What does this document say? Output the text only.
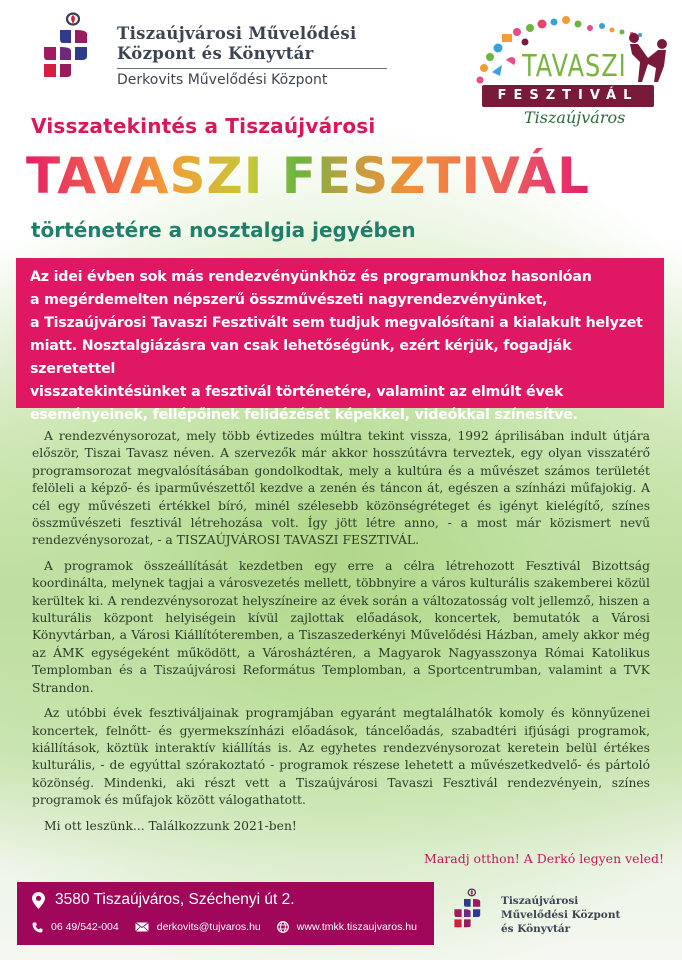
Tiszaújvárosi Művelődési
Központ és Könyvtár
Derkovits Művelődési Központ	TAVASZI
FESZTIVÁL
Tiszaújváros
Visszatekintés a Tiszaújvárosi
TAVASZI FESZTIVÁL
történetére a nosztalgia jegyében

Az idei évben sok más rendezvényünkhöz és programunkhoz hasonlóan

a megérdemelten népszerű összművészeti nagyrendezvényünket,

a Tiszaújvárosi Tavaszi Fesztivált sem tudjuk megvalósítani a kialakult helyzet

miatt. Nosztalgiázásra van csak lehetőségünk, ezért kérjük, fogadják szeretettel

visszatekintésünket a fesztivál történetére, valamint az elmúlt évek

eseményeinek, fellépőinek felidézését képekkel, videókkal színesítve.

A rendezvénysorozat, mely több évtizedes múltra tekint vissza, 1992 áprilisában indult útjára először, Tiszai Tavasz néven. A szervezők már akkor hosszútávra terveztek, egy olyan visszatérő programsorozat megvalósításában gondolkodtak, mely a kultúra és a művészet számos területét felöleli a képző- és iparművészettől kezdve a zenén és táncon át, egészen a színházi műfajokig. A cél egy művészeti értékkel bíró, minél szélesebb közönségréteget és igényt kielégítő, színes összművészeti fesztivál létrehozása volt. Így jött létre anno, - a most már közismert nevű rendezvénysorozat, - a TISZAÚJVÁROSI TAVASZI FESZTIVÁL.

A programok összeállítását kezdetben egy erre a célra létrehozott Fesztivál Bizottság koordinálta, melynek tagjai a városvezetés mellett, többnyire a város kulturális szakemberei közül kerültek ki. A rendezvénysorozat helyszíneire az évek során a változatosság volt jellemző, hiszen a kulturális központ helyiségein kívül zajlottak előadások, koncertek, bemutatók a Városi Könyvtárban, a Városi Kiállítóteremben, a Tiszaszederkényi Művelődési Házban, amely akkor még az ÁMK egységeként működött, a Városháztéren, a Magyarok Nagyasszonya Római Katolikus Templomban és a Tiszaújvárosi Református Templomban, a Sportcentrumban, valamint a TVK Strandon.

Az utóbbi évek fesztiváljainak programjában egyaránt megtalálhatók komoly és könnyűzenei koncertek, felnőtt- és gyermekszínházi előadások, táncelőadás, szabadtéri ifjúsági programok, kiállítások, köztük interaktív kiállítás is. Az egyhetes rendezvénysorozat keretein belül értékes kulturális, - de egyúttal szórakoztató - programok részese lehetett a művészetkedvelő- és pártoló közönség. Mindenki, aki részt vett a Tiszaújvárosi Tavaszi Fesztivál rendezvényein, színes programok és műfajok között válogathatott.

Mi ott leszünk... Találkozzunk 2021-ben!

Maradj otthon! A Derkó legyen veled!
3580 Tiszaújváros, Széchenyi út 2.
06 49/542-004	derkovits@tujvaros.hu	www.tmkk.tiszaujvaros.hu
Tiszaújvárosi
Művelődési Központ
és Könyvtár
